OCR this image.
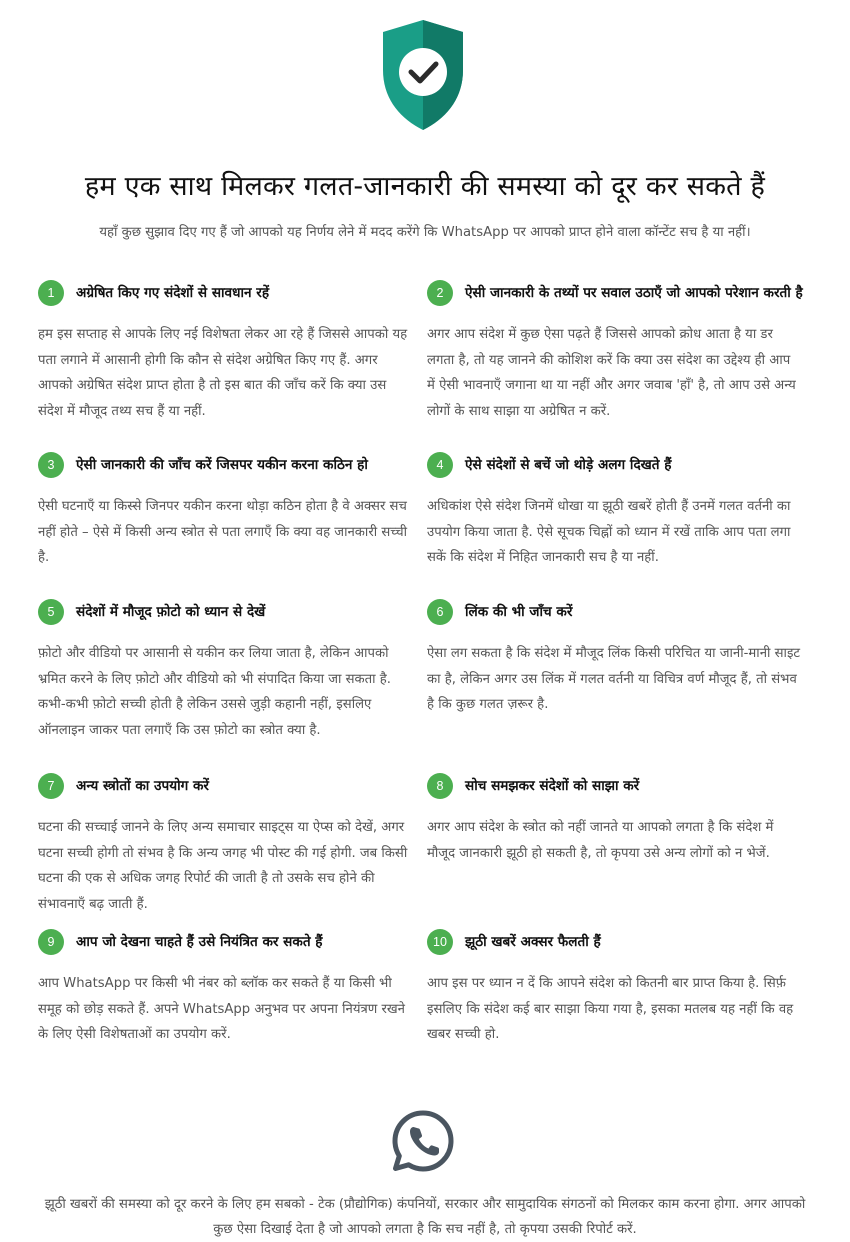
हम एक साथ मिलकर गलत-जानकारी की समस्या को दूर कर सकते हैं
यहाँ कुछ सुझाव दिए गए हैं जो आपको यह निर्णय लेने में मदद करेंगे कि WhatsApp पर आपको प्राप्त होने वाला कॉन्टेंट सच है या नहीं।
1	अग्रेषित किए गए संदेशों से सावधान रहें
हम इस सप्ताह से आपके लिए नई विशेषता लेकर आ रहे हैं जिससे आपको यह पता लगाने में आसानी होगी कि कौन से संदेश अग्रेषित किए गए हैं. अगर आपको अग्रेषित संदेश प्राप्त होता है तो इस बात की जाँच करें कि क्या उस संदेश में मौजूद तथ्य सच हैं या नहीं.
2	ऐसी जानकारी के तथ्यों पर सवाल उठाएँ जो आपको परेशान करती है
अगर आप संदेश में कुछ ऐसा पढ़ते हैं जिससे आपको क्रोध आता है या डर लगता है, तो यह जानने की कोशिश करें कि क्या उस संदेश का उद्देश्य ही आप में ऐसी भावनाएँ जगाना था या नहीं और अगर जवाब 'हाँ' है, तो आप उसे अन्य लोगों के साथ साझा या अग्रेषित न करें.
3	ऐसी जानकारी की जाँच करें जिसपर यकीन करना कठिन हो
ऐसी घटनाएँ या किस्से जिनपर यकीन करना थोड़ा कठिन होता है वे अक्सर सच नहीं होते – ऐसे में किसी अन्य स्त्रोत से पता लगाएँ कि क्या वह जानकारी सच्ची है.
4	ऐसे संदेशों से बचें जो थोड़े अलग दिखते हैं
अधिकांश ऐसे संदेश जिनमें धोखा या झूठी खबरें होती हैं उनमें गलत वर्तनी का उपयोग किया जाता है. ऐसे सूचक चिह्नों को ध्यान में रखें ताकि आप पता लगा सकें कि संदेश में निहित जानकारी सच है या नहीं.
5	संदेशों में मौजूद फ़ोटो को ध्यान से देखें
फ़ोटो और वीडियो पर आसानी से यकीन कर लिया जाता है, लेकिन आपको भ्रमित करने के लिए फ़ोटो और वीडियो को भी संपादित किया जा सकता है. कभी-कभी फ़ोटो सच्ची होती है लेकिन उससे जुड़ी कहानी नहीं, इसलिए ऑनलाइन जाकर पता लगाएँ कि उस फ़ोटो का स्त्रोत क्या है.
6	लिंक की भी जाँच करें
ऐसा लग सकता है कि संदेश में मौजूद लिंक किसी परिचित या जानी-मानी साइट का है, लेकिन अगर उस लिंक में गलत वर्तनी या विचित्र वर्ण मौजूद हैं, तो संभव है कि कुछ गलत ज़रूर है.
7	अन्य स्त्रोतों का उपयोग करें
घटना की सच्चाई जानने के लिए अन्य समाचार साइट्स या ऐप्स को देखें, अगर घटना सच्ची होगी तो संभव है कि अन्य जगह भी पोस्ट की गई होगी. जब किसी घटना की एक से अधिक जगह रिपोर्ट की जाती है तो उसके सच होने की संभावनाएँ बढ़ जाती हैं.
8	सोच समझकर संदेशों को साझा करें
अगर आप संदेश के स्त्रोत को नहीं जानते या आपको लगता है कि संदेश में मौजूद जानकारी झूठी हो सकती है, तो कृपया उसे अन्य लोगों को न भेजें.
9	आप जो देखना चाहते हैं उसे नियंत्रित कर सकते हैं
आप WhatsApp पर किसी भी नंबर को ब्लॉक कर सकते हैं या किसी भी समूह को छोड़ सकते हैं. अपने WhatsApp अनुभव पर अपना नियंत्रण रखने के लिए ऐसी विशेषताओं का उपयोग करें.
10	झूठी खबरें अक्सर फैलती हैं
आप इस पर ध्यान न दें कि आपने संदेश को कितनी बार प्राप्त किया है. सिर्फ़ इसलिए कि संदेश कई बार साझा किया गया है, इसका मतलब यह नहीं कि वह खबर सच्ची हो.
झूठी खबरों की समस्या को दूर करने के लिए हम सबको - टेक (प्रौद्योगिक) कंपनियों, सरकार और सामुदायिक संगठनों को मिलकर काम करना होगा. अगर आपको कुछ ऐसा दिखाई देता है जो आपको लगता है कि सच नहीं है, तो कृपया उसकी रिपोर्ट करें.
